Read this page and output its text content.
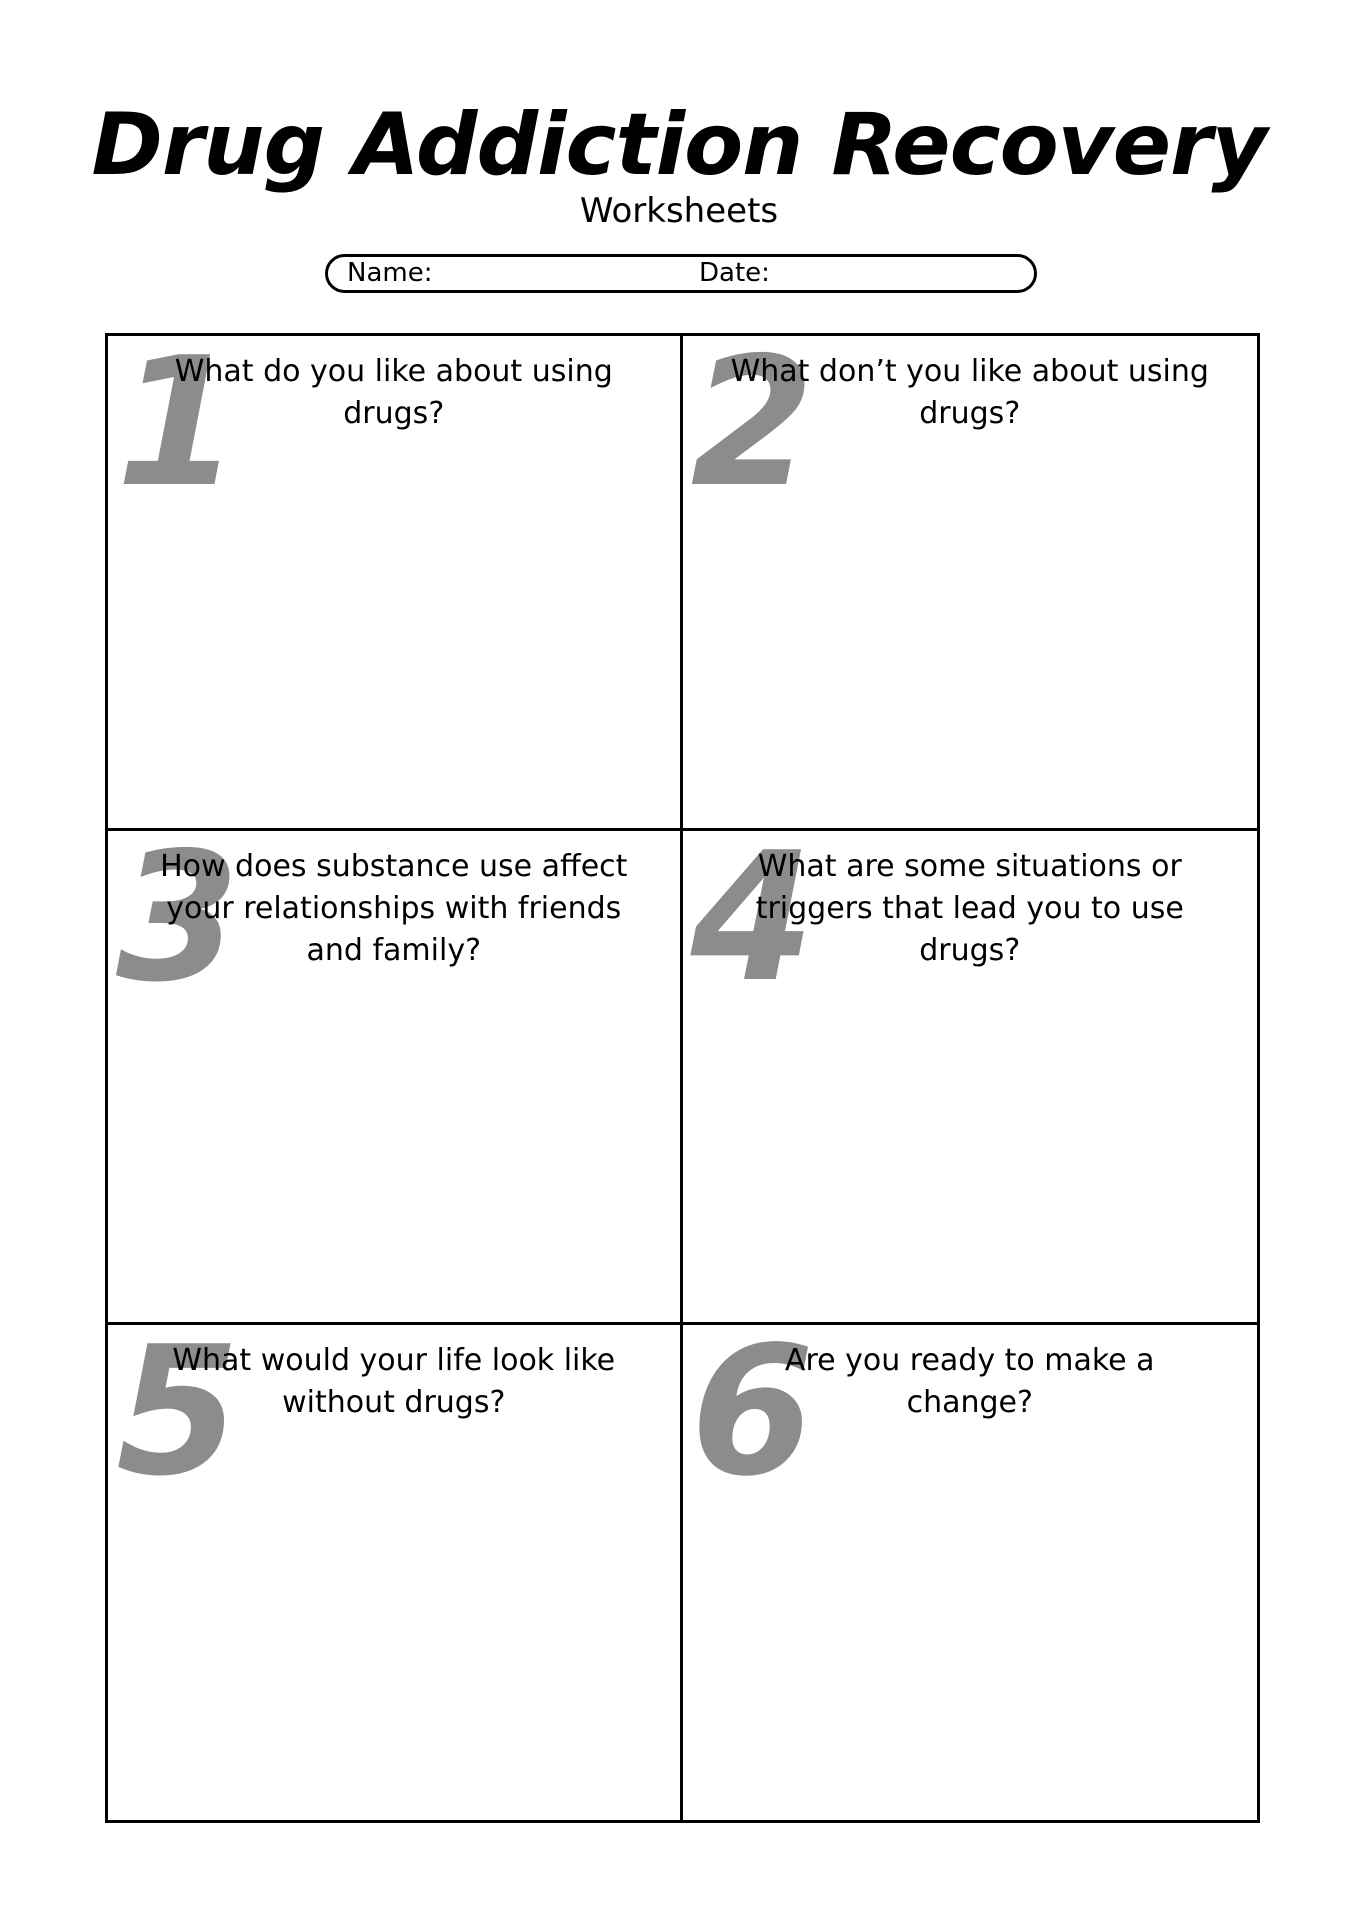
Drug Addiction Recovery
Worksheets
Name:	Date:
1
What do you like about using drugs?	2
What don’t you like about using drugs?
3
How does substance use affect your relationships with friends and family?	4
What are some situations or triggers that lead you to use drugs?
5
What would your life look like without drugs?	6
Are you ready to make a change?
